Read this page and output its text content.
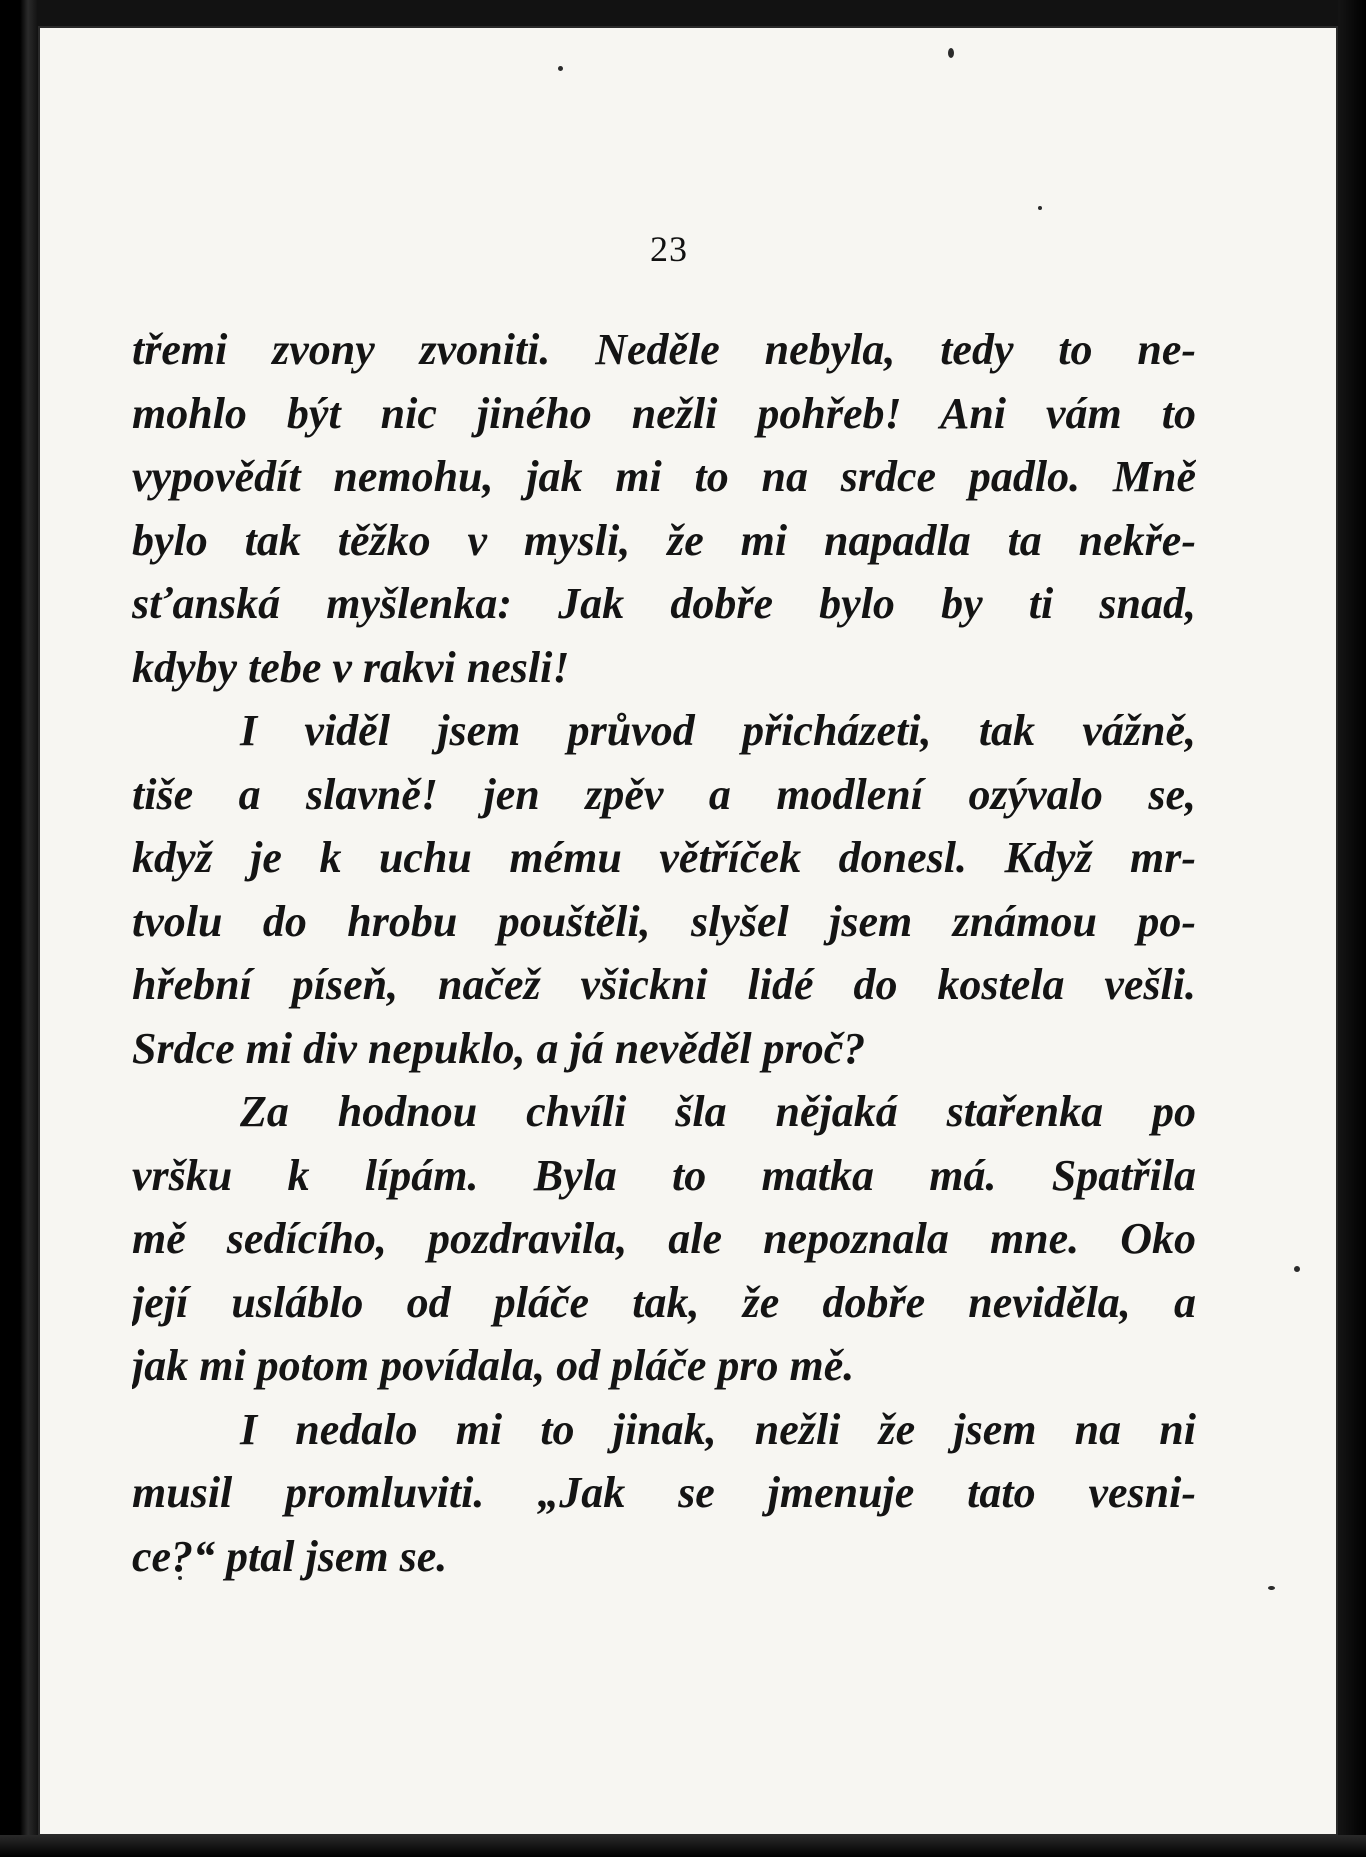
23
třemi zvony zvoniti. Neděle nebyla, tedy to ne-
mohlo být nic jiného nežli pohřeb! Ani vám to
vypovědít nemohu, jak mi to na srdce padlo. Mně
bylo tak těžko v mysli, že mi napadla ta nekře-
sťanská myšlenka: Jak dobře bylo by ti snad,
kdyby tebe v rakvi nesli!
I viděl jsem průvod přicházeti, tak vážně,
tiše a slavně! jen zpěv a modlení ozývalo se,
když je k uchu mému větříček donesl. Když mr-
tvolu do hrobu pouštěli, slyšel jsem známou po-
hřební píseň, načež všickni lidé do kostela vešli.
Srdce mi div nepuklo, a já nevěděl proč?
Za hodnou chvíli šla nějaká stařenka po
vršku k lípám. Byla to matka má. Spatřila
mě sedícího, pozdravila, ale nepoznala mne. Oko
její usláblo od pláče tak, že dobře neviděla, a
jak mi potom povídala, od pláče pro mě.
I nedalo mi to jinak, nežli že jsem na ni
musil promluviti. „Jak se jmenuje tato vesni-
ce?“ ptal jsem se.
